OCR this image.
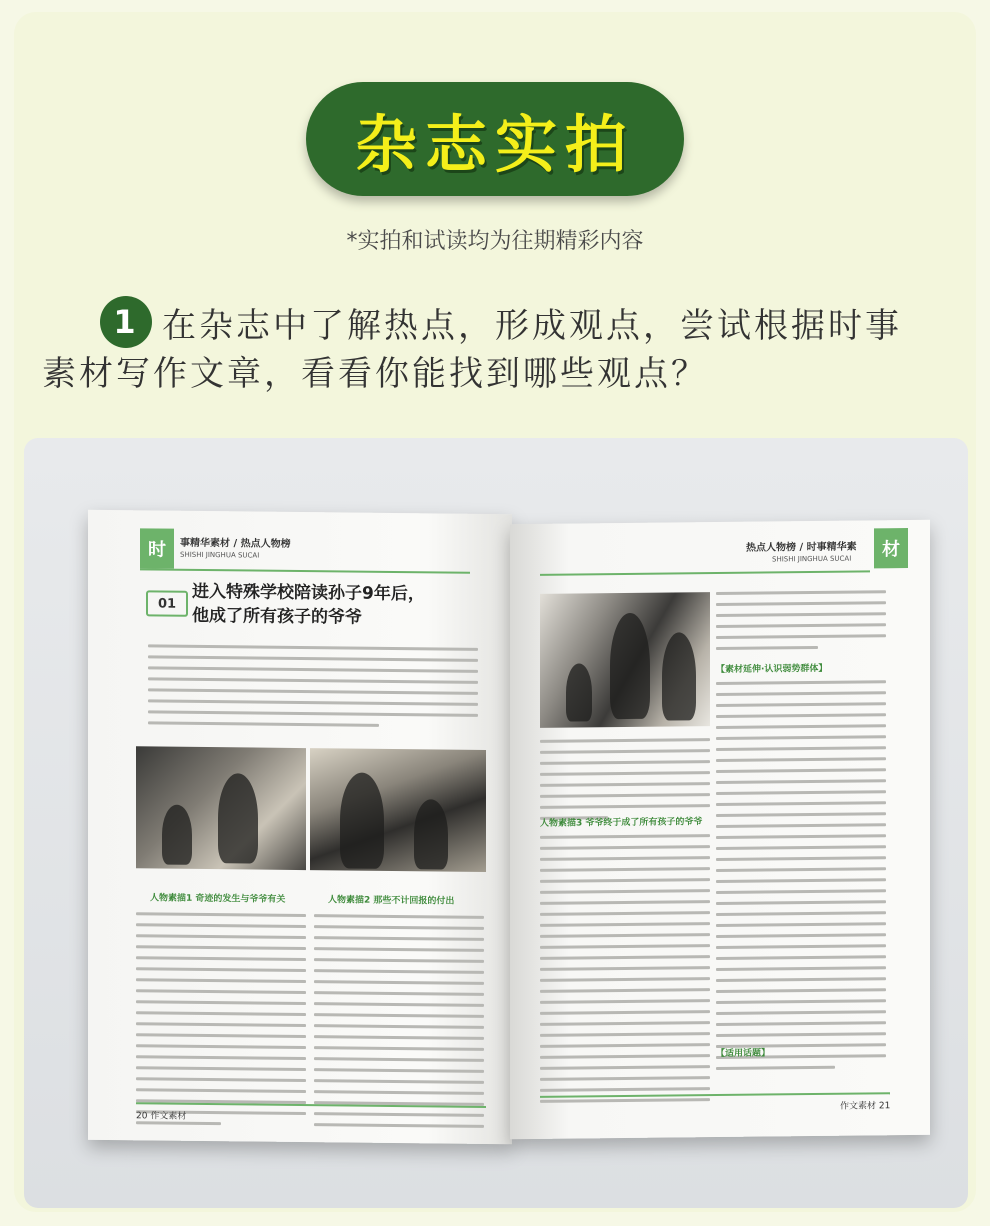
杂志实拍
*实拍和试读均为往期精彩内容
1 在杂志中了解热点，形成观点，尝试根据时事
素材写作文章，看看你能找到哪些观点？
时	事精华素材 / 热点人物榜
SHISHI JINGHUA SUCAI
01 进入特殊学校陪读孙子9年后，
他成了所有孩子的爷爷
人物素描1 奇迹的发生与爷爷有关	人物素描2 那些不计回报的付出
20 作文素材
材
热点人物榜 / 时事精华素
SHISHI JINGHUA SUCAI
【素材延伸·认识弱势群体】
人物素描3 爷爷终于成了所有孩子的爷爷
【适用话题】
作文素材 21
